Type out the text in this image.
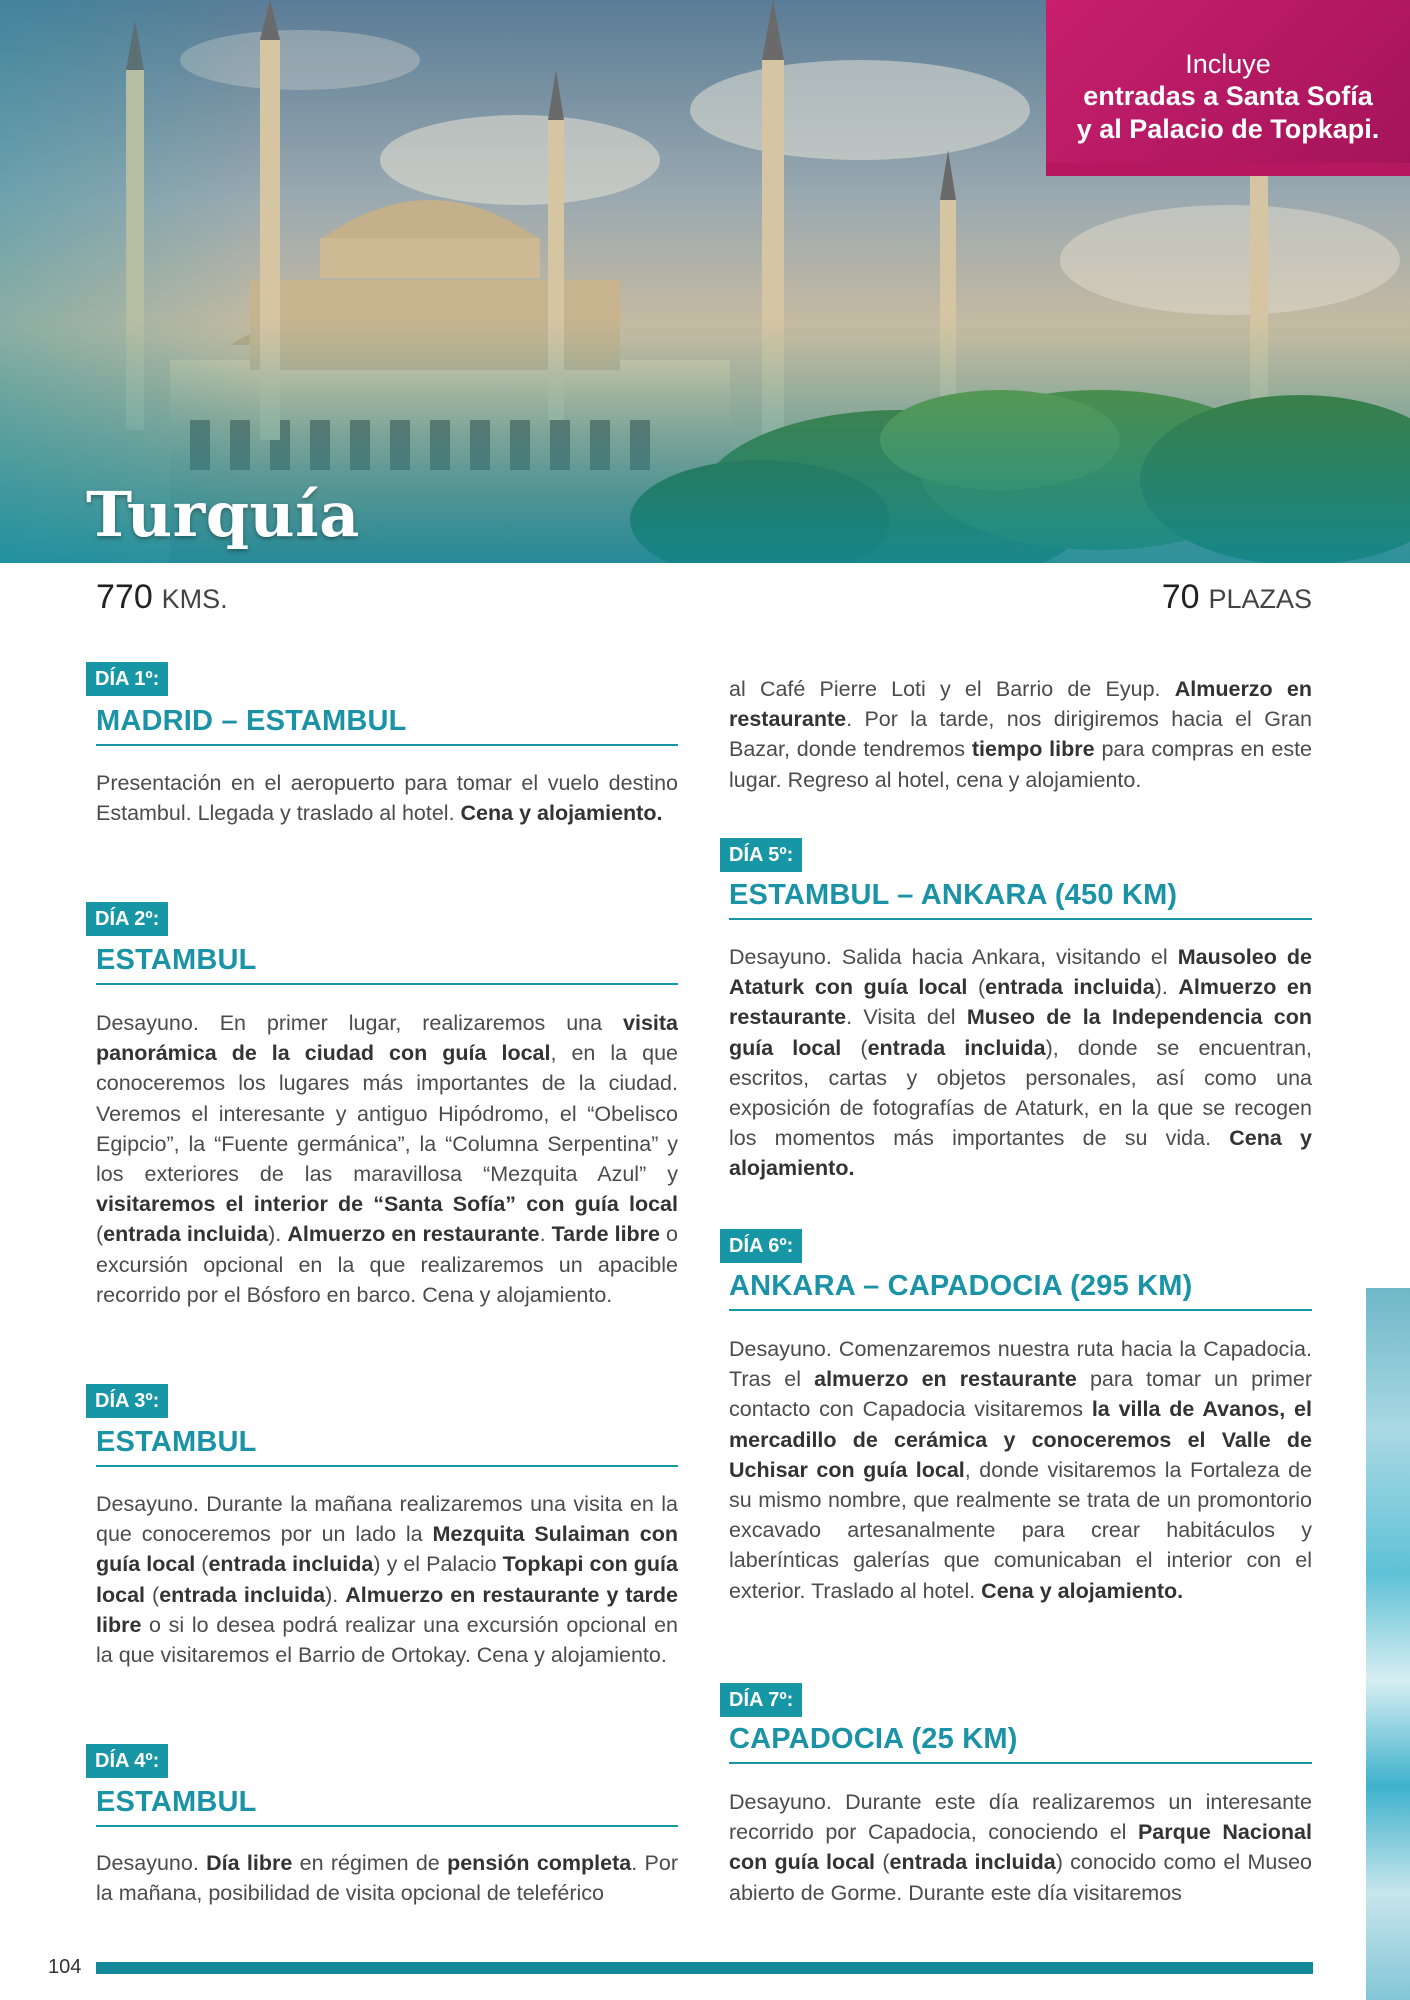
Turquía
Incluye
entradas a Santa Sofía
y al Palacio de Topkapi.
770 KMS.	70 PLAZAS
DÍA 1º:
MADRID – ESTAMBUL

Presentación en el aeropuerto para tomar el vuelo destino Estambul. Llegada y traslado al hotel. Cena y alojamiento.

DÍA 2º:
ESTAMBUL

Desayuno. En primer lugar, realizaremos una visita panorámica de la ciudad con guía local, en la que conoceremos los lugares más importantes de la ciudad. Veremos el interesante y antiguo Hipódromo, el “Obelisco Egipcio”, la “Fuente germánica”, la “Columna Serpentina” y los exteriores de las maravillosa “Mezquita Azul” y visitaremos el interior de “Santa Sofía” con guía local (entrada incluida). Almuerzo en restaurante. Tarde libre o excursión opcional en la que realizaremos un apacible recorrido por el Bósforo en barco. Cena y alojamiento.

DÍA 3º:
ESTAMBUL

Desayuno. Durante la mañana realizaremos una visita en la que conoceremos por un lado la Mezquita Sulaiman con guía local (entrada incluida) y el Palacio Topkapi con guía local (entrada incluida). Almuerzo en restaurante y tarde libre o si lo desea podrá realizar una excursión opcional en la que visitaremos el Barrio de Ortokay. Cena y alojamiento.

DÍA 4º:
ESTAMBUL

Desayuno. Día libre en régimen de pensión completa. Por la mañana, posibilidad de visita opcional de teleférico

al Café Pierre Loti y el Barrio de Eyup. Almuerzo en restaurante. Por la tarde, nos dirigiremos hacia el Gran Bazar, donde tendremos tiempo libre para compras en este lugar. Regreso al hotel, cena y alojamiento.

DÍA 5º:
ESTAMBUL – ANKARA (450 KM)

Desayuno. Salida hacia Ankara, visitando el Mausoleo de Ataturk con guía local (entrada incluida). Almuerzo en restaurante. Visita del Museo de la Independencia con guía local (entrada incluida), donde se encuentran, escritos, cartas y objetos personales, así como una exposición de fotografías de Ataturk, en la que se recogen los momentos más importantes de su vida. Cena y alojamiento.

DÍA 6º:
ANKARA – CAPADOCIA (295 KM)

Desayuno. Comenzaremos nuestra ruta hacia la Capadocia. Tras el almuerzo en restaurante para tomar un primer contacto con Capadocia visitaremos la villa de Avanos, el mercadillo de cerámica y conoceremos el Valle de Uchisar con guía local, donde visitaremos la Fortaleza de su mismo nombre, que realmente se trata de un promontorio excavado artesanalmente para crear habitáculos y laberínticas galerías que comunicaban el interior con el exterior. Traslado al hotel. Cena y alojamiento.

DÍA 7º:
CAPADOCIA (25 KM)

Desayuno. Durante este día realizaremos un interesante recorrido por Capadocia, conociendo el Parque Nacional con guía local (entrada incluida) conocido como el Museo abierto de Gorme. Durante este día visitaremos

104
